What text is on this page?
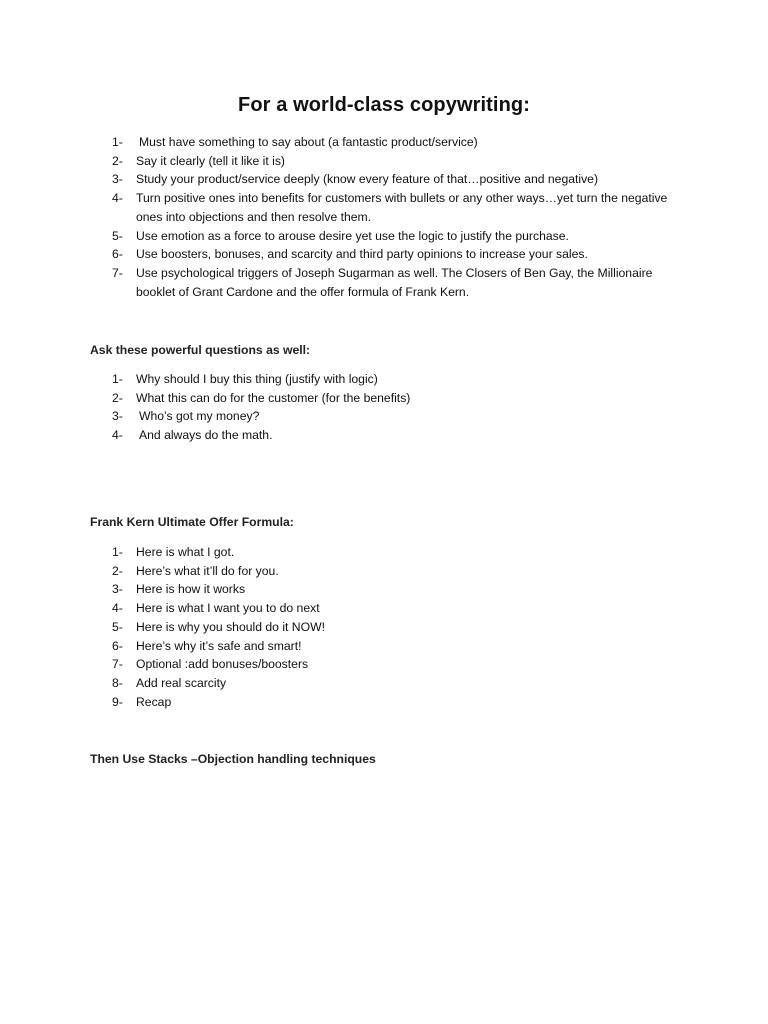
For a world-class copywriting:
1-	Must have something to say about (a fantastic product/service)
2-	Say it clearly (tell it like it is)
3-	Study your product/service deeply (know every feature of that…positive and negative)
4-	Turn positive ones into benefits for customers with bullets or any other ways…yet turn the negative ones into objections and then resolve them.
5-	Use emotion as a force to arouse desire yet use the logic to justify the purchase.
6-	Use boosters, bonuses, and scarcity and third party opinions to increase your sales.
7-	Use psychological triggers of Joseph Sugarman as well. The Closers of Ben Gay, the Millionaire booklet of Grant Cardone and the offer formula of Frank Kern.
Ask these powerful questions as well:
1-	Why should I buy this thing (justify with logic)
2-	What this can do for the customer (for the benefits)
3-	Who’s got my money?
4-	And always do the math.
Frank Kern Ultimate Offer Formula:
1-	Here is what I got.
2-	Here’s what it’ll do for you.
3-	Here is how it works
4-	Here is what I want you to do next
5-	Here is why you should do it NOW!
6-	Here’s why it’s safe and smart!
7-	Optional :add bonuses/boosters
8-	Add real scarcity
9-	Recap
Then Use Stacks –Objection handling techniques
